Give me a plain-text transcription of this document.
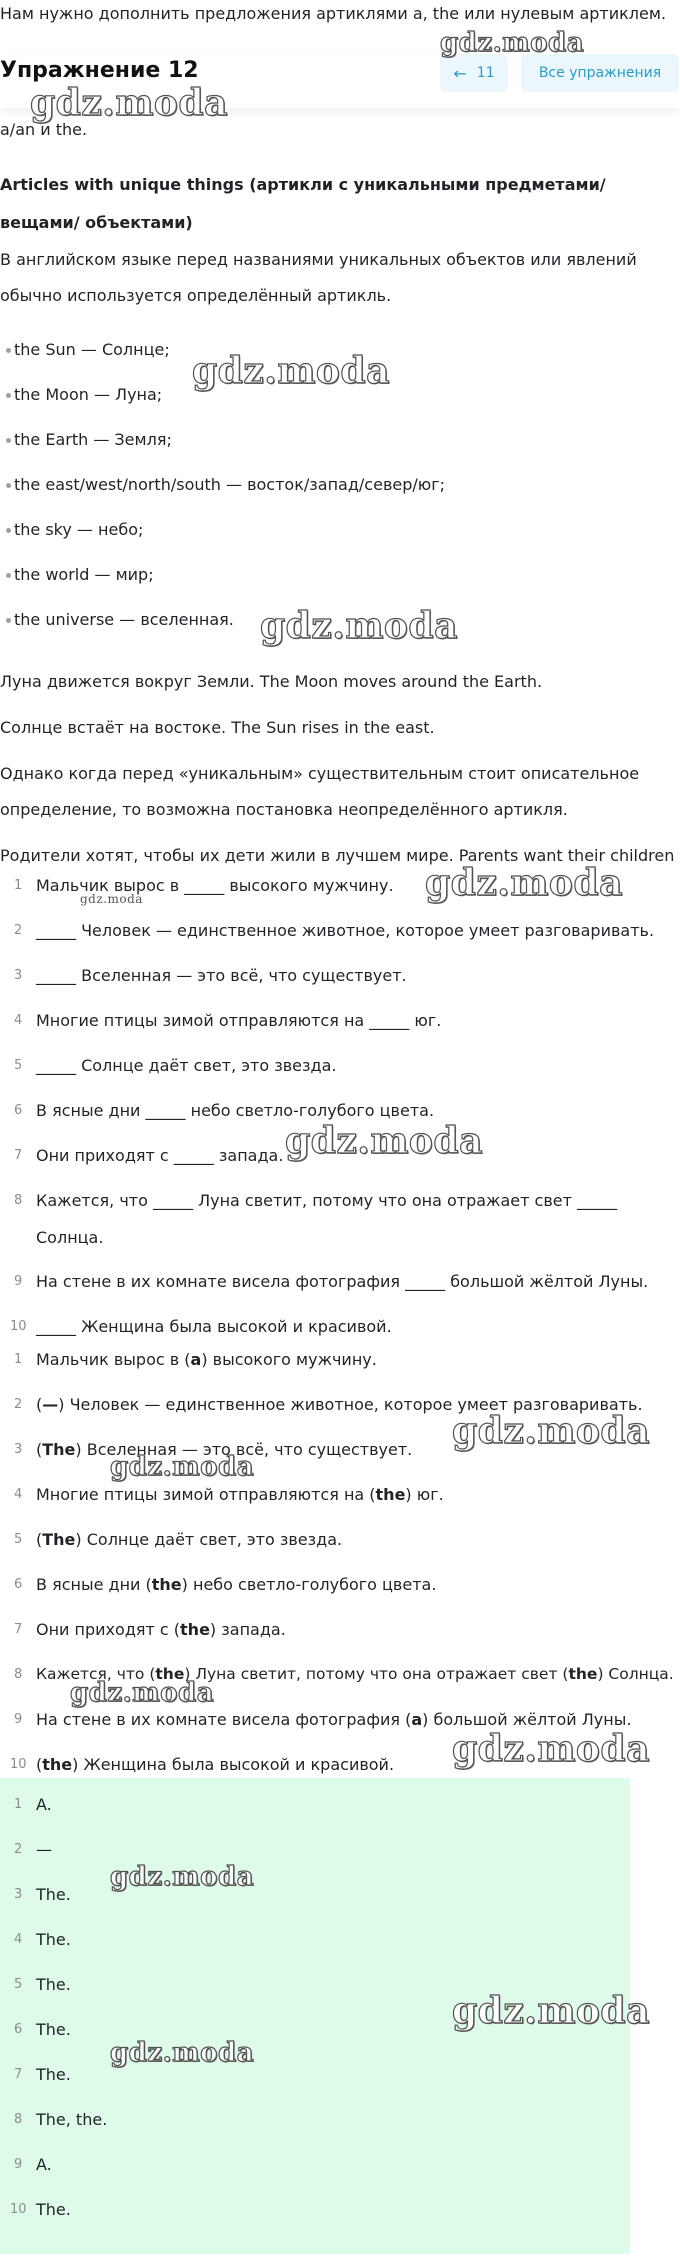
Нам нужно дополнить предложения артиклями a, the или нулевым артиклем.
Упражнение 12	← 11	Все упражнения
a/an и the.
Articles with unique things (артикли с уникальными предметами/вещами/ объектами)
В английском языке перед названиями уникальных объектов или явлений обычно используется определённый артикль.
the Sun — Солнце;
the Moon — Луна;
the Earth — Земля;
the east/west/north/south — восток/запад/север/юг;
the sky — небо;
the world — мир;
the universe — вселенная.
Луна движется вокруг Земли. The Moon moves around the Earth.
Солнце встаёт на востоке. The Sun rises in the east.
Однако когда перед «уникальным» существительным стоит описательное определение, то возможна постановка неопределённого артикля.
Родители хотят, чтобы их дети жили в лучшем мире. Parents want their children
1 Мальчик вырос в _____ высокого мужчину.
2 _____ Человек — единственное животное, которое умеет разговаривать.
3 _____ Вселенная — это всё, что существует.
4 Многие птицы зимой отправляются на _____ юг.
5 _____ Солнце даёт свет, это звезда.
6 В ясные дни _____ небо светло-голубого цвета.
7 Они приходят с _____ запада.
8 Кажется, что _____ Луна светит, потому что она отражает свет _____
Солнца.
9 На стене в их комнате висела фотография _____ большой жёлтой Луны.
10 _____ Женщина была высокой и красивой.
1 Мальчик вырос в (a) высокого мужчину.
2 (—) Человек — единственное животное, которое умеет разговаривать.
3 (The) Вселенная — это всё, что существует.
4 Многие птицы зимой отправляются на (the) юг.
5 (The) Солнце даёт свет, это звезда.
6 В ясные дни (the) небо светло-голубого цвета.
7 Они приходят с (the) запада.
8 Кажется, что (the) Луна светит, потому что она отражает свет (the) Солнца.
9 На стене в их комнате висела фотография (a) большой жёлтой Луны.
10 (the) Женщина была высокой и красивой.
1 A.
2 —
3 The.
4 The.
5 The.
6 The.
7 The.
8 The, the.
9 A.
10 The.
gdz.moda
gdz.moda
gdz.moda
gdz.moda
gdz.moda
gdz.moda
gdz.moda
gdz.moda
gdz.moda
gdz.moda
gdz.moda
gdz.moda
gdz.moda
gdz.moda
